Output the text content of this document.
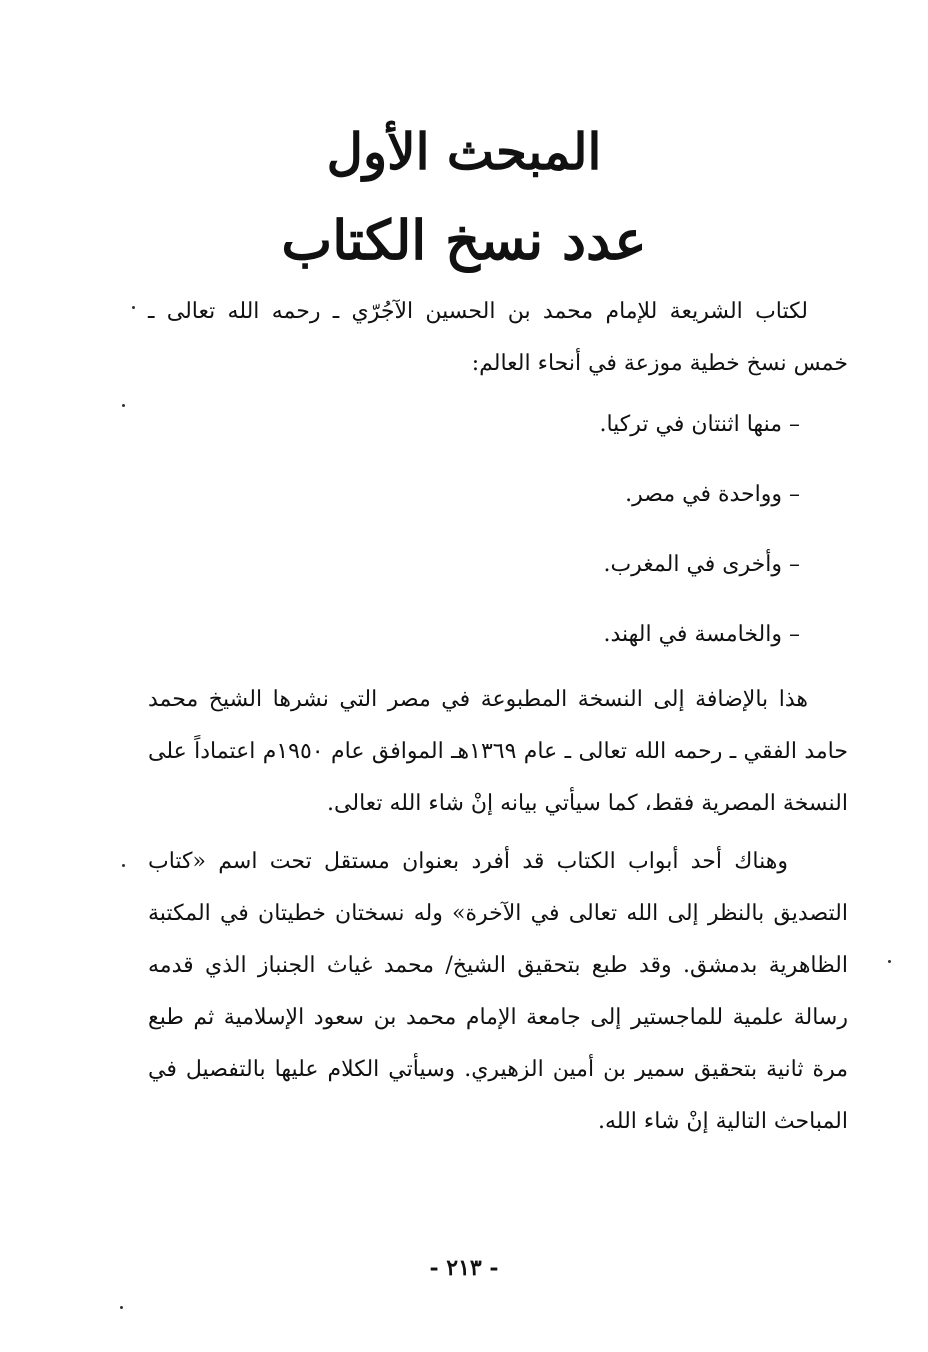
المبحث الأول
عدد نسخ الكتاب

لكتاب الشريعة للإمام محمد بن الحسين الآجُرّي ـ رحمه الله تعالى ـ خمس نسخ خطية موزعة في أنحاء العالم:

– منها اثنتان في تركيا.
– وواحدة في مصر.
– وأخرى في المغرب.
– والخامسة في الهند.

هذا بالإضافة إلى النسخة المطبوعة في مصر التي نشرها الشيخ محمد حامد الفقي ـ رحمه الله تعالى ـ عام ١٣٦٩هـ الموافق عام ١٩٥٠م اعتماداً على النسخة المصرية فقط، كما سيأتي بيانه إنْ شاء الله تعالى.

وهناك أحد أبواب الكتاب قد أفرد بعنوان مستقل تحت اسم «كتاب التصديق بالنظر إلى الله تعالى في الآخرة» وله نسختان خطيتان في المكتبة الظاهرية بدمشق. وقد طبع بتحقيق الشيخ/ محمد غياث الجنباز الذي قدمه رسالة علمية للماجستير إلى جامعة الإمام محمد بن سعود الإسلامية ثم طبع مرة ثانية بتحقيق سمير بن أمين الزهيري. وسيأتي الكلام عليها بالتفصيل في المباحث التالية إنْ شاء الله.

- ٢١٣ -
